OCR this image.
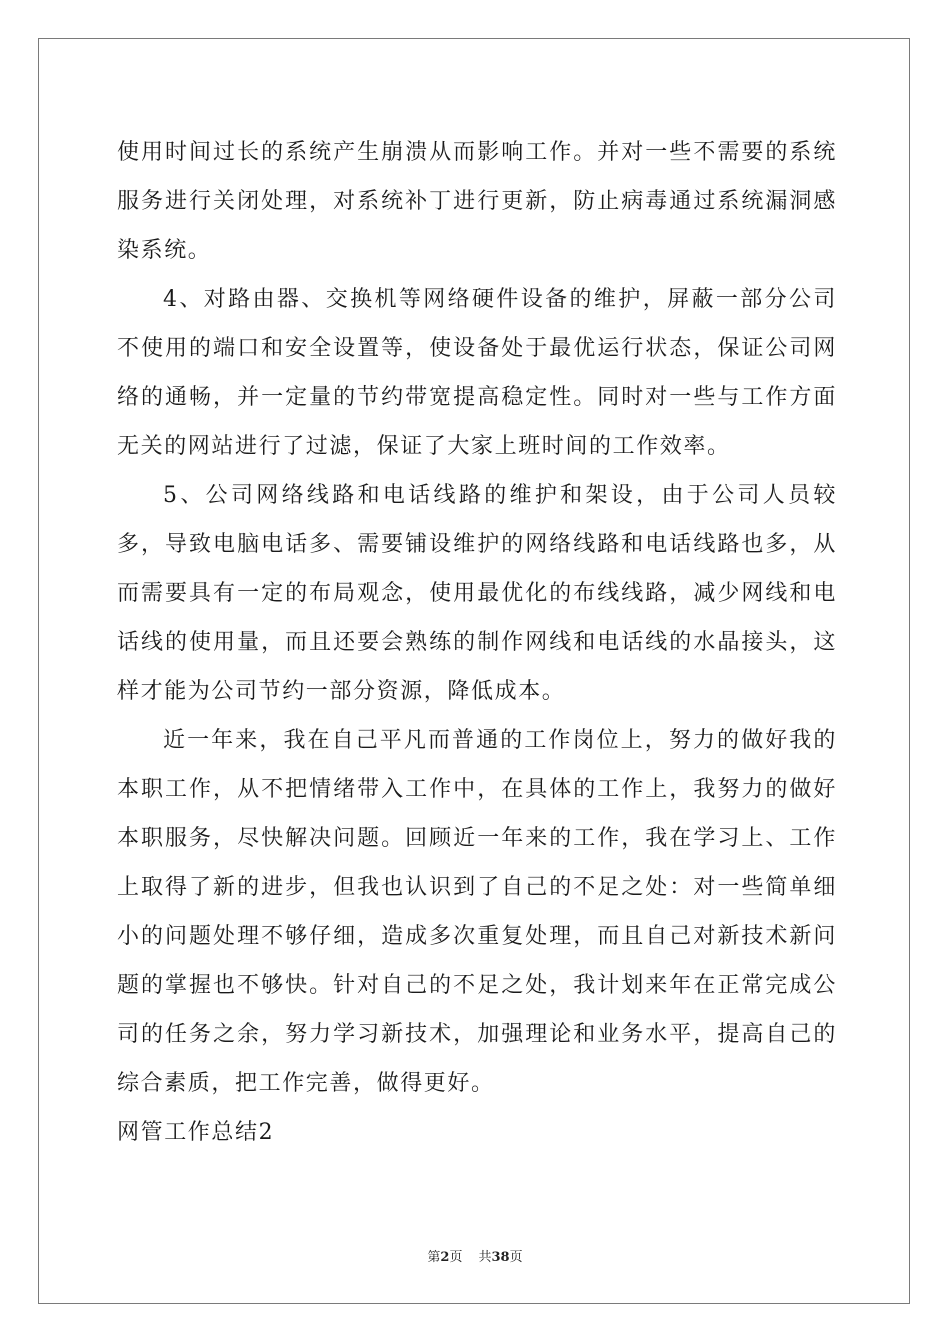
使用时间过长的系统产生崩溃从而影响工作。并对一些不需要的系统服务进行关闭处理，对系统补丁进行更新，防止病毒通过系统漏洞感染系统。

4、对路由器、交换机等网络硬件设备的维护，屏蔽一部分公司不使用的端口和安全设置等，使设备处于最优运行状态，保证公司网络的通畅，并一定量的节约带宽提高稳定性。同时对一些与工作方面无关的网站进行了过滤，保证了大家上班时间的工作效率。

5、公司网络线路和电话线路的维护和架设，由于公司人员较多，导致电脑电话多、需要铺设维护的网络线路和电话线路也多，从而需要具有一定的布局观念，使用最优化的布线线路，减少网线和电话线的使用量，而且还要会熟练的制作网线和电话线的水晶接头，这样才能为公司节约一部分资源，降低成本。

近一年来，我在自己平凡而普通的工作岗位上，努力的做好我的本职工作，从不把情绪带入工作中，在具体的工作上，我努力的做好本职服务，尽快解决问题。回顾近一年来的工作，我在学习上、工作上取得了新的进步，但我也认识到了自己的不足之处：对一些简单细小的问题处理不够仔细，造成多次重复处理，而且自己对新技术新问题的掌握也不够快。针对自己的不足之处，我计划来年在正常完成公司的任务之余，努力学习新技术，加强理论和业务水平，提高自己的综合素质，把工作完善，做得更好。

网管工作总结2

第2页 共38页
